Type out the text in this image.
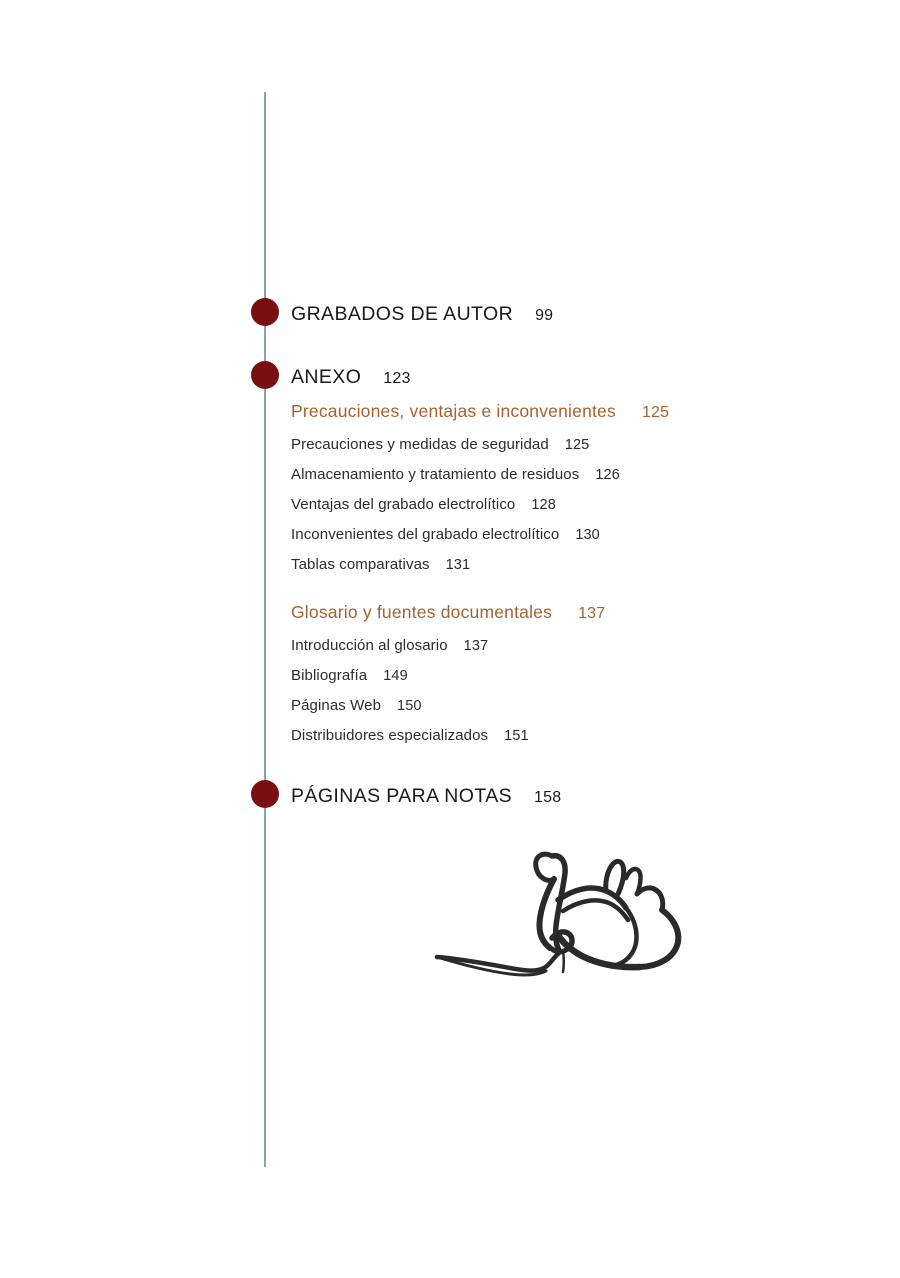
GRABADOS DE AUTOR 99
ANEXO 123
Precauciones, ventajas e inconvenientes 125
Precauciones y medidas de seguridad 125
Almacenamiento y tratamiento de residuos 126
Ventajas del grabado electrolítico 128
Inconvenientes del grabado electrolítico 130
Tablas comparativas 131
Glosario y fuentes documentales 137
Introducción al glosario 137
Bibliografía 149
Páginas Web 150
Distribuidores especializados 151
PÁGINAS PARA NOTAS 158
